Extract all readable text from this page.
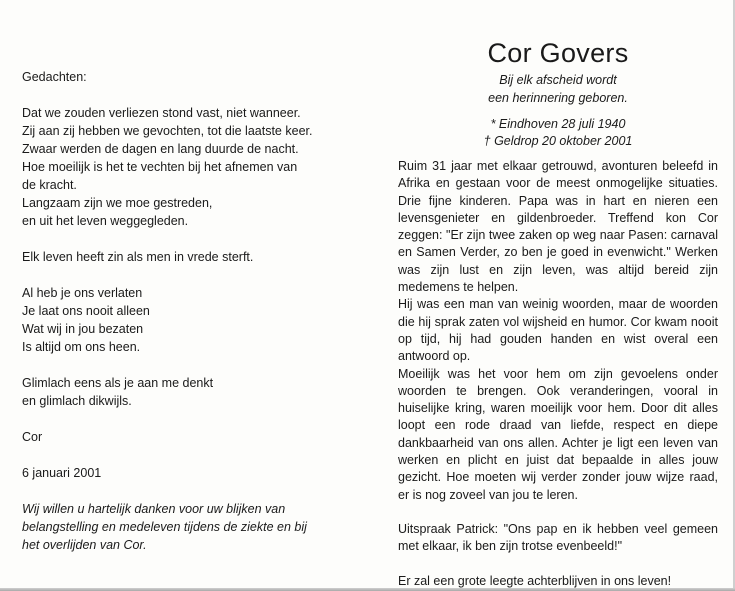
Gedachten:
Dat we zouden verliezen stond vast, niet wanneer.
Zij aan zij hebben we gevochten, tot die laatste keer.
Zwaar werden de dagen en lang duurde de nacht.
Hoe moeilijk is het te vechten bij het afnemen van
de kracht.
Langzaam zijn we moe gestreden,
en uit het leven weggegleden.
Elk leven heeft zin als men in vrede sterft.
Al heb je ons verlaten
Je laat ons nooit alleen
Wat wij in jou bezaten
Is altijd om ons heen.
Glimlach eens als je aan me denkt
en glimlach dikwijls.
Cor
6 januari 2001
Wij willen u hartelijk danken voor uw blijken van
belangstelling en medeleven tijdens de ziekte en bij
het overlijden van Cor.
Cor Govers
Bij elk afscheid wordt
een herinnering geboren.
* Eindhoven 28 juli 1940
† Geldrop 20 oktober 2001

Ruim 31 jaar met elkaar getrouwd, avonturen beleefd in Afrika en gestaan voor de meest onmogelijke situaties. Drie fijne kinderen. Papa was in hart en nieren een levensgenieter en gildenbroeder. Treffend kon Cor zeggen: "Er zijn twee zaken op weg naar Pasen: carnaval en Samen Verder, zo ben je goed in evenwicht." Werken was zijn lust en zijn leven, was altijd bereid zijn medemens te helpen.

Hij was een man van weinig woorden, maar de woorden die hij sprak zaten vol wijsheid en humor. Cor kwam nooit op tijd, hij had gouden handen en wist overal een antwoord op.

Moeilijk was het voor hem om zijn gevoelens onder woorden te brengen. Ook veranderingen, vooral in huiselijke kring, waren moeilijk voor hem. Door dit alles loopt een rode draad van liefde, respect en diepe dankbaarheid van ons allen. Achter je ligt een leven van werken en plicht en juist dat bepaalde in alles jouw gezicht. Hoe moeten wij verder zonder jouw wijze raad, er is nog zoveel van jou te leren.

Uitspraak Patrick: "Ons pap en ik hebben veel gemeen met elkaar, ik ben zijn trotse evenbeeld!"

Er zal een grote leegte achterblijven in ons leven!
